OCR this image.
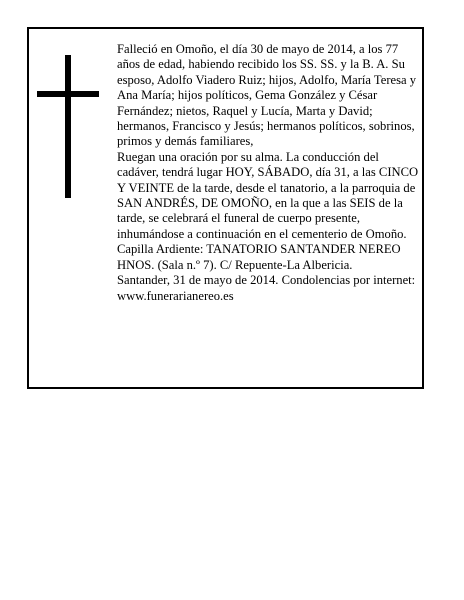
Falleció en Omoño, el día 30 de mayo de 2014, a los 77 años de edad, habiendo recibido los SS. SS. y la B. A. Su esposo, Adolfo Viadero Ruiz; hijos, Adolfo, María Teresa y Ana María; hijos políticos, Gema González y César Fernández; nietos, Raquel y Lucía, Marta y David; hermanos, Francisco y Jesús; hermanos políticos, sobrinos, primos y demás familiares,

Ruegan una oración por su alma. La conducción del cadáver, tendrá lugar HOY, SÁBADO, día 31, a las CINCO Y VEINTE de la tarde, desde el tanatorio, a la parroquia de SAN ANDRÉS, DE OMOÑO, en la que a las SEIS de la tarde, se celebrará el funeral de cuerpo presente, inhumándose a continuación en el cementerio de Omoño. Capilla Ardiente: TANATORIO SANTANDER NEREO HNOS. (Sala n.º 7). C/ Repuente-La Albericia.

Santander, 31 de mayo de 2014. Condolencias por internet: www.funerarianereo.es
